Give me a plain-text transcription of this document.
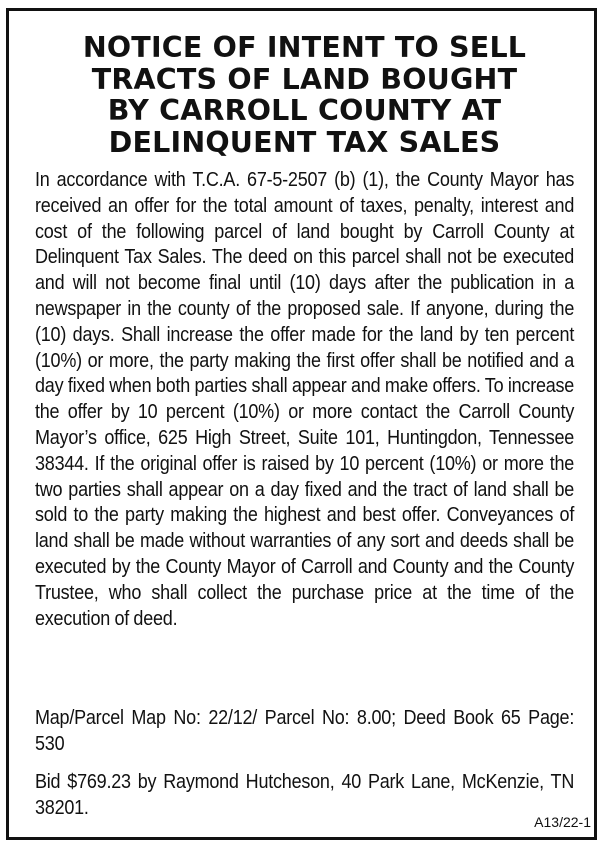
NOTICE OF INTENT TO SELL
TRACTS OF LAND BOUGHT
BY CARROLL COUNTY AT
DELINQUENT TAX SALES

In accordance with T.C.A. 67-5-2507 (b) (1), the County Mayor has received an offer for the total amount of taxes, penalty, interest and cost of the following parcel of land bought by Carroll County at Delinquent Tax Sales. The deed on this parcel shall not be executed and will not become final until (10) days after the publication in a newspaper in the county of the proposed sale. If anyone, during the (10) days. Shall increase the offer made for the land by ten percent (10%) or more, the party making the first offer shall be notified and a day fixed when both parties shall appear and make offers. To increase the offer by 10 percent (10%) or more contact the Carroll County Mayor’s office, 625 High Street, Suite 101, Huntingdon, Tennessee 38344. If the original offer is raised by 10 percent (10%) or more the two parties shall appear on a day fixed and the tract of land shall be sold to the party making the highest and best offer. Conveyances of land shall be made without warranties of any sort and deeds shall be executed by the County Mayor of Carroll and County and the County Trustee, who shall collect the purchase price at the time of the execution of deed.

Map/Parcel Map No: 22/12/ Parcel No: 8.00; Deed Book 65 Page: 530

Bid $769.23 by Raymond Hutcheson, 40 Park Lane, McKenzie, TN 38201.

A13/22-1
